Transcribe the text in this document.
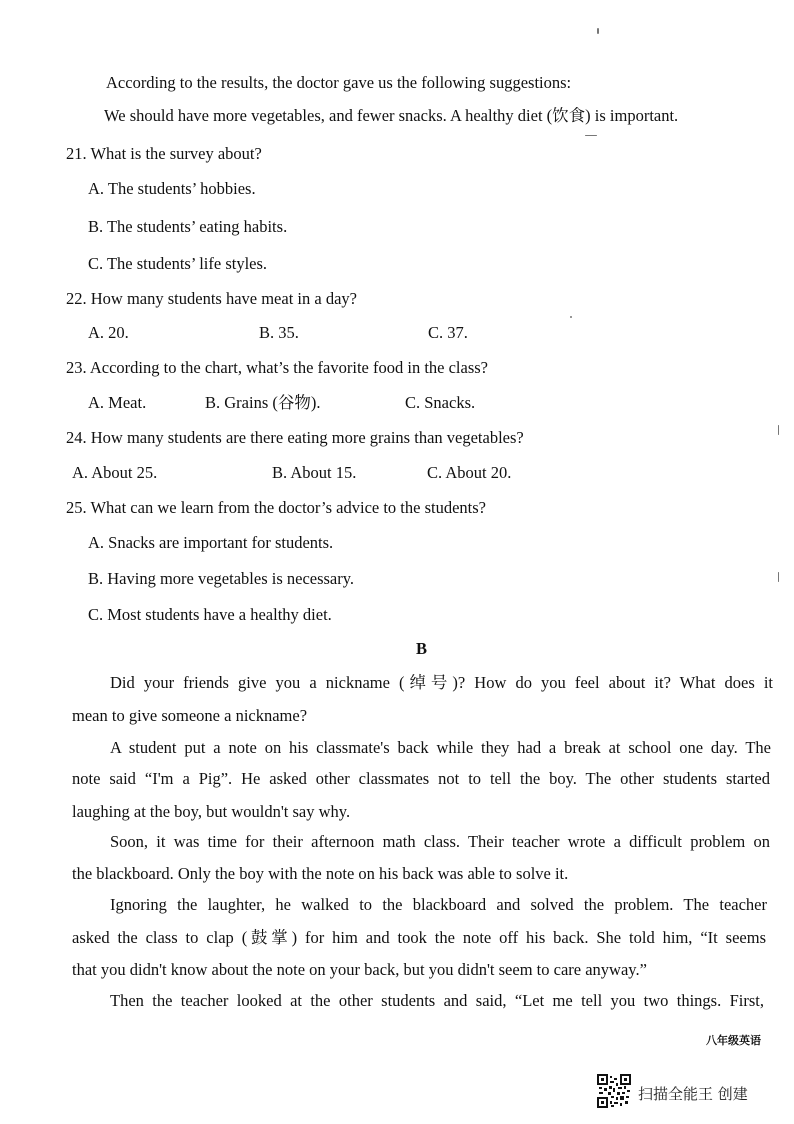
According to the results, the doctor gave us the following suggestions:
We should have more vegetables, and fewer snacks. A healthy diet (饮食) is important.
21. What is the survey about?
A. The students’ hobbies.
B. The students’ eating habits.
C. The students’ life styles.
22. How many students have meat in a day?
A. 20.	B. 35.	C. 37.
23. According to the chart, what’s the favorite food in the class?
A. Meat.	B. Grains (谷物).	C. Snacks.
24. How many students are there eating more grains than vegetables?
A. About 25.	B. About 15.	C. About 20.
25. What can we learn from the doctor’s advice to the students?
A. Snacks are important for students.
B. Having more vegetables is necessary.
C. Most students have a healthy diet.
B
Did your friends give you a nickname (绰号)? How do you feel about it? What does it
mean to give someone a nickname?
A student put a note on his classmate's back while they had a break at school one day. The
note said “I'm a Pig”. He asked other classmates not to tell the boy. The other students started
laughing at the boy, but wouldn't say why.
Soon, it was time for their afternoon math class. Their teacher wrote a difficult problem on
the blackboard. Only the boy with the note on his back was able to solve it.
Ignoring the laughter, he walked to the blackboard and solved the problem. The teacher
asked the class to clap (鼓掌) for him and took the note off his back. She told him, “It seems
that you didn't know about the note on your back, but you didn't seem to care anyway.”
Then the teacher looked at the other students and said, “Let me tell you two things. First,
八年级英语
扫描全能王 创建
